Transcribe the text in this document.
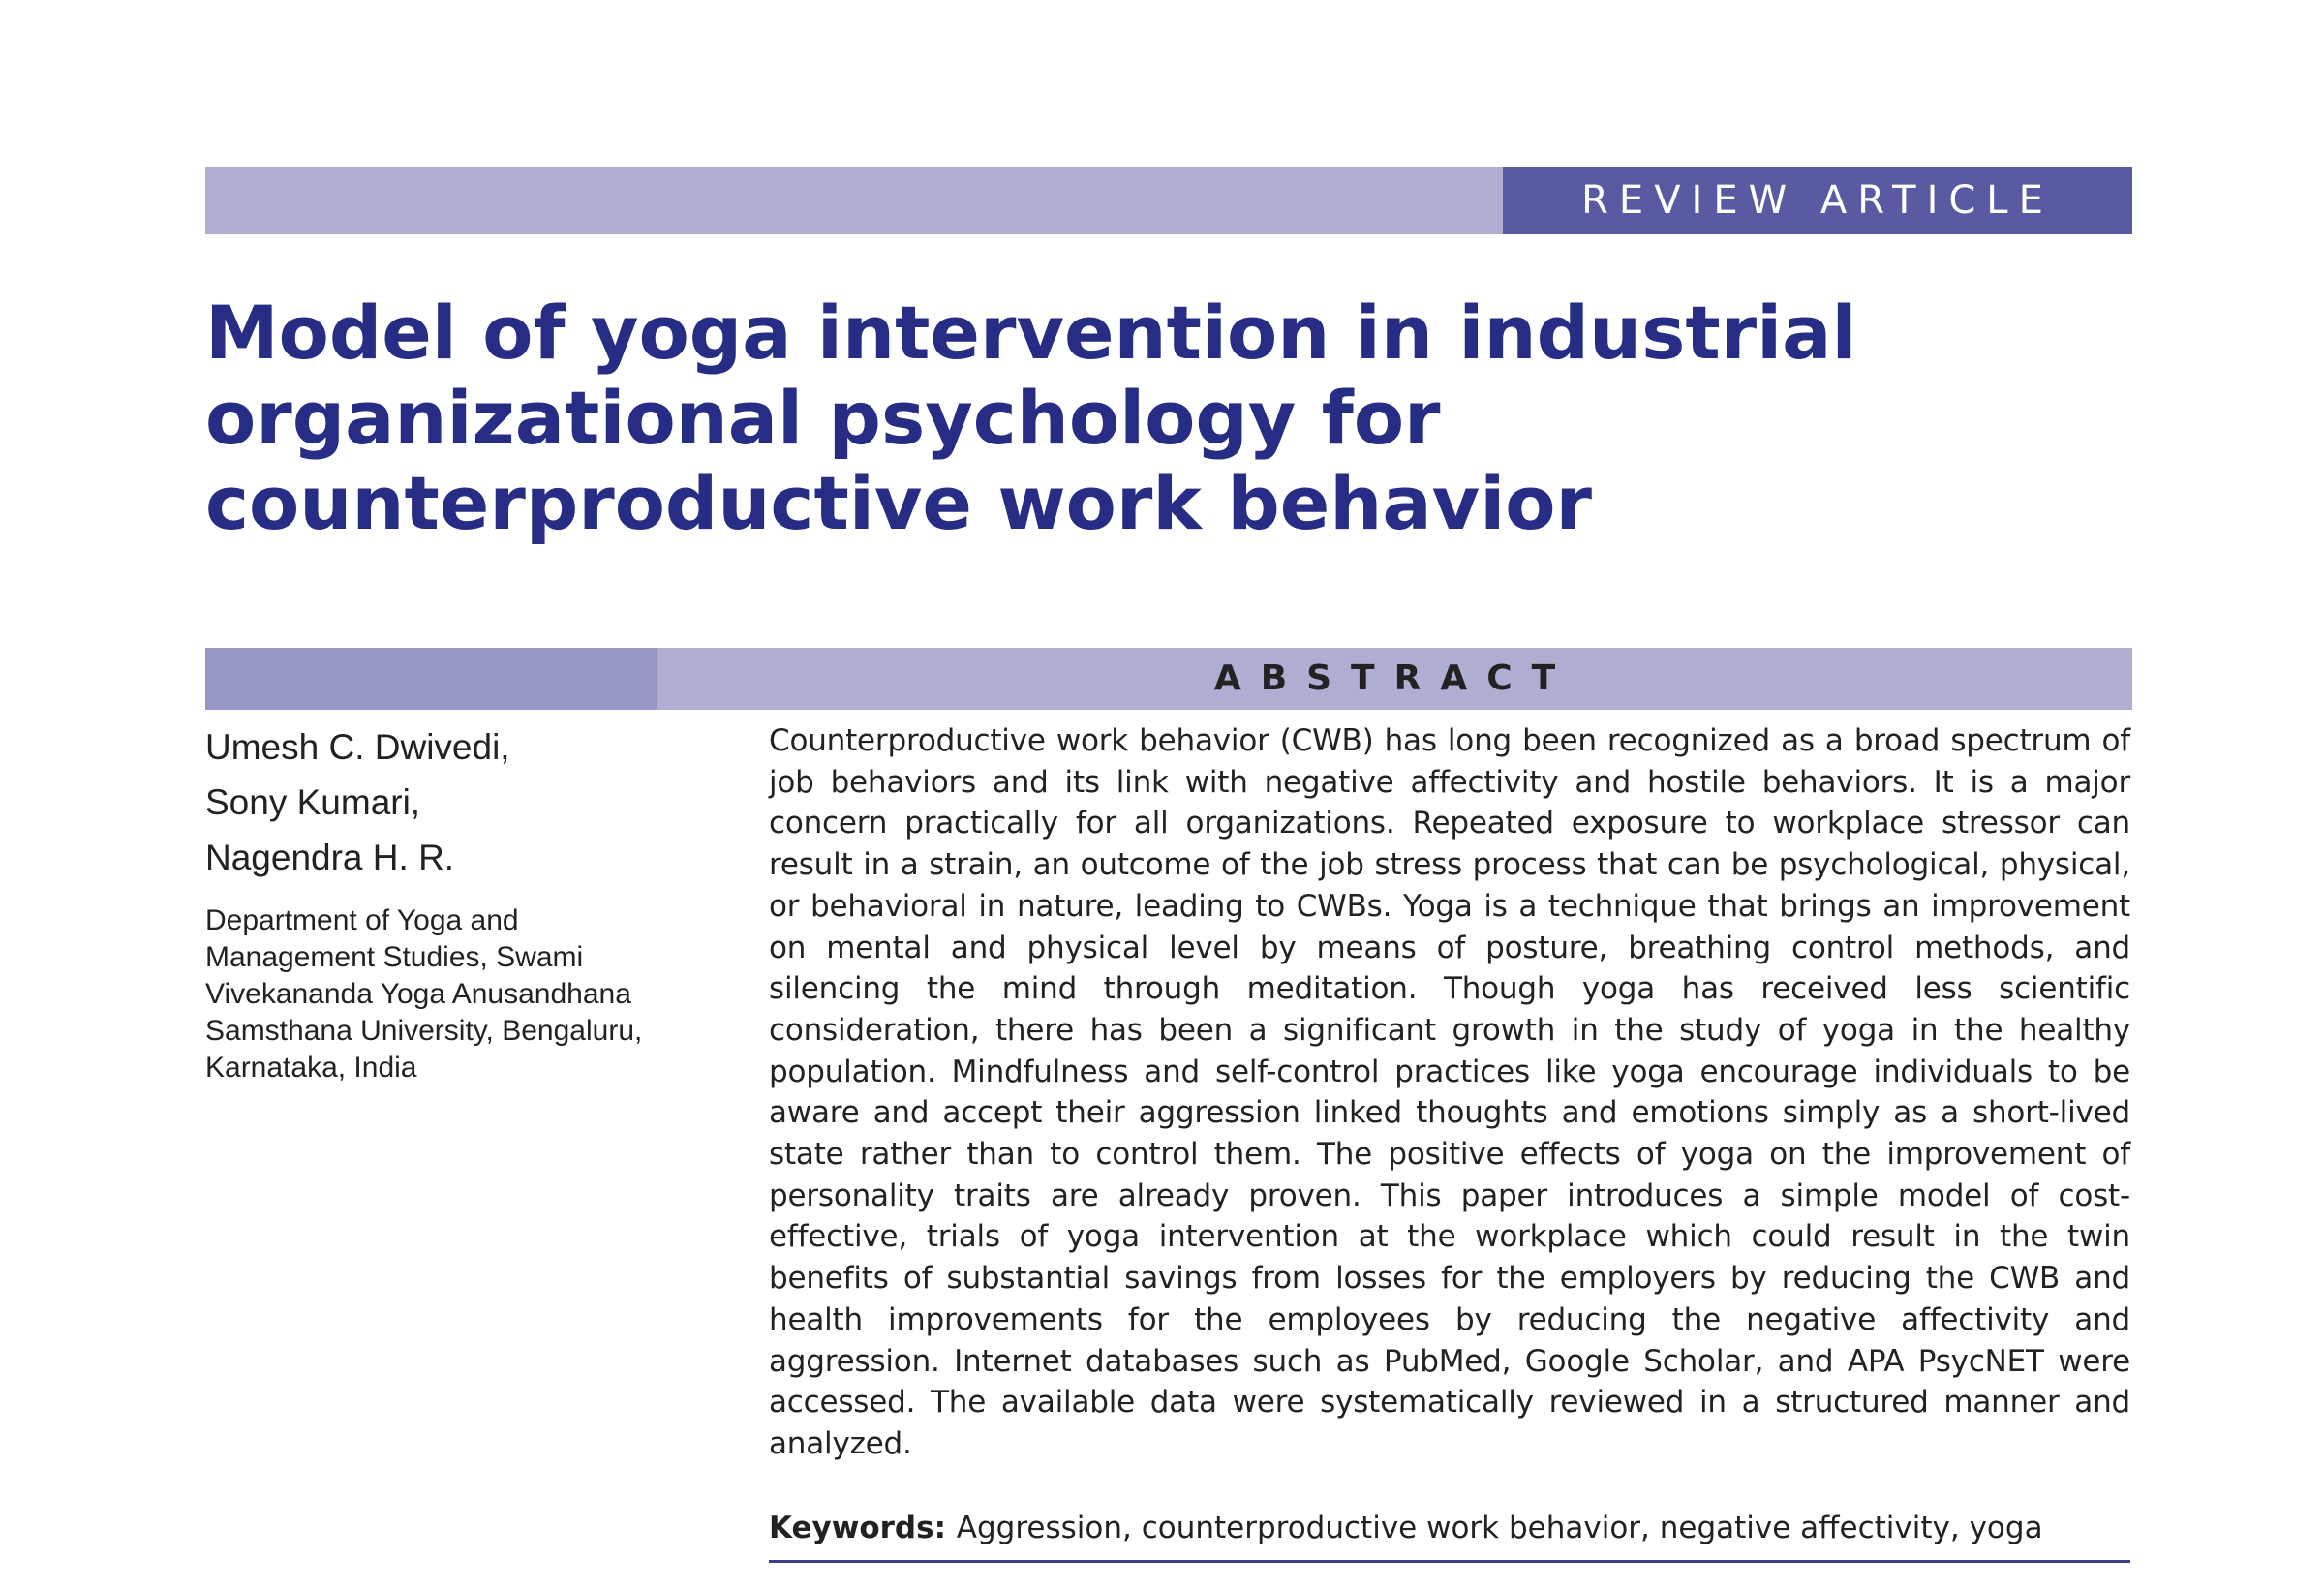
REVIEW ARTICLE
Model of yoga intervention in industrial organizational psychology for counterproductive work behavior
ABSTRACT
Umesh C. Dwivedi,
Sony Kumari,
Nagendra H. R.
Department of Yoga and Management Studies, Swami Vivekananda Yoga Anusandhana Samsthana University, Bengaluru, Karnataka, India

Counterproductive work behavior (CWB) has long been recognized as a broad spectrum of job behaviors and its link with negative affectivity and hostile behaviors. It is a major concern practically for all organizations. Repeated exposure to workplace stressor can result in a strain, an outcome of the job stress process that can be psychological, physical, or behavioral in nature, leading to CWBs. Yoga is a technique that brings an improvement on mental and physical level by means of posture, breathing control methods, and silencing the mind through meditation. Though yoga has received less scientific consideration, there has been a significant growth in the study of yoga in the healthy population. Mindfulness and self-control practices like yoga encourage individuals to be aware and accept their aggression linked thoughts and emotions simply as a short-lived state rather than to control them. The positive effects of yoga on the improvement of personality traits are already proven. This paper introduces a simple model of cost-effective, trials of yoga intervention at the workplace which could result in the twin benefits of substantial savings from losses for the employers by reducing the CWB and health improvements for the employees by reducing the negative affectivity and aggression. Internet databases such as PubMed, Google Scholar, and APA PsycNET were accessed. The available data were systematically reviewed in a structured manner and analyzed.

Keywords: Aggression, counterproductive work behavior, negative affectivity, yoga
